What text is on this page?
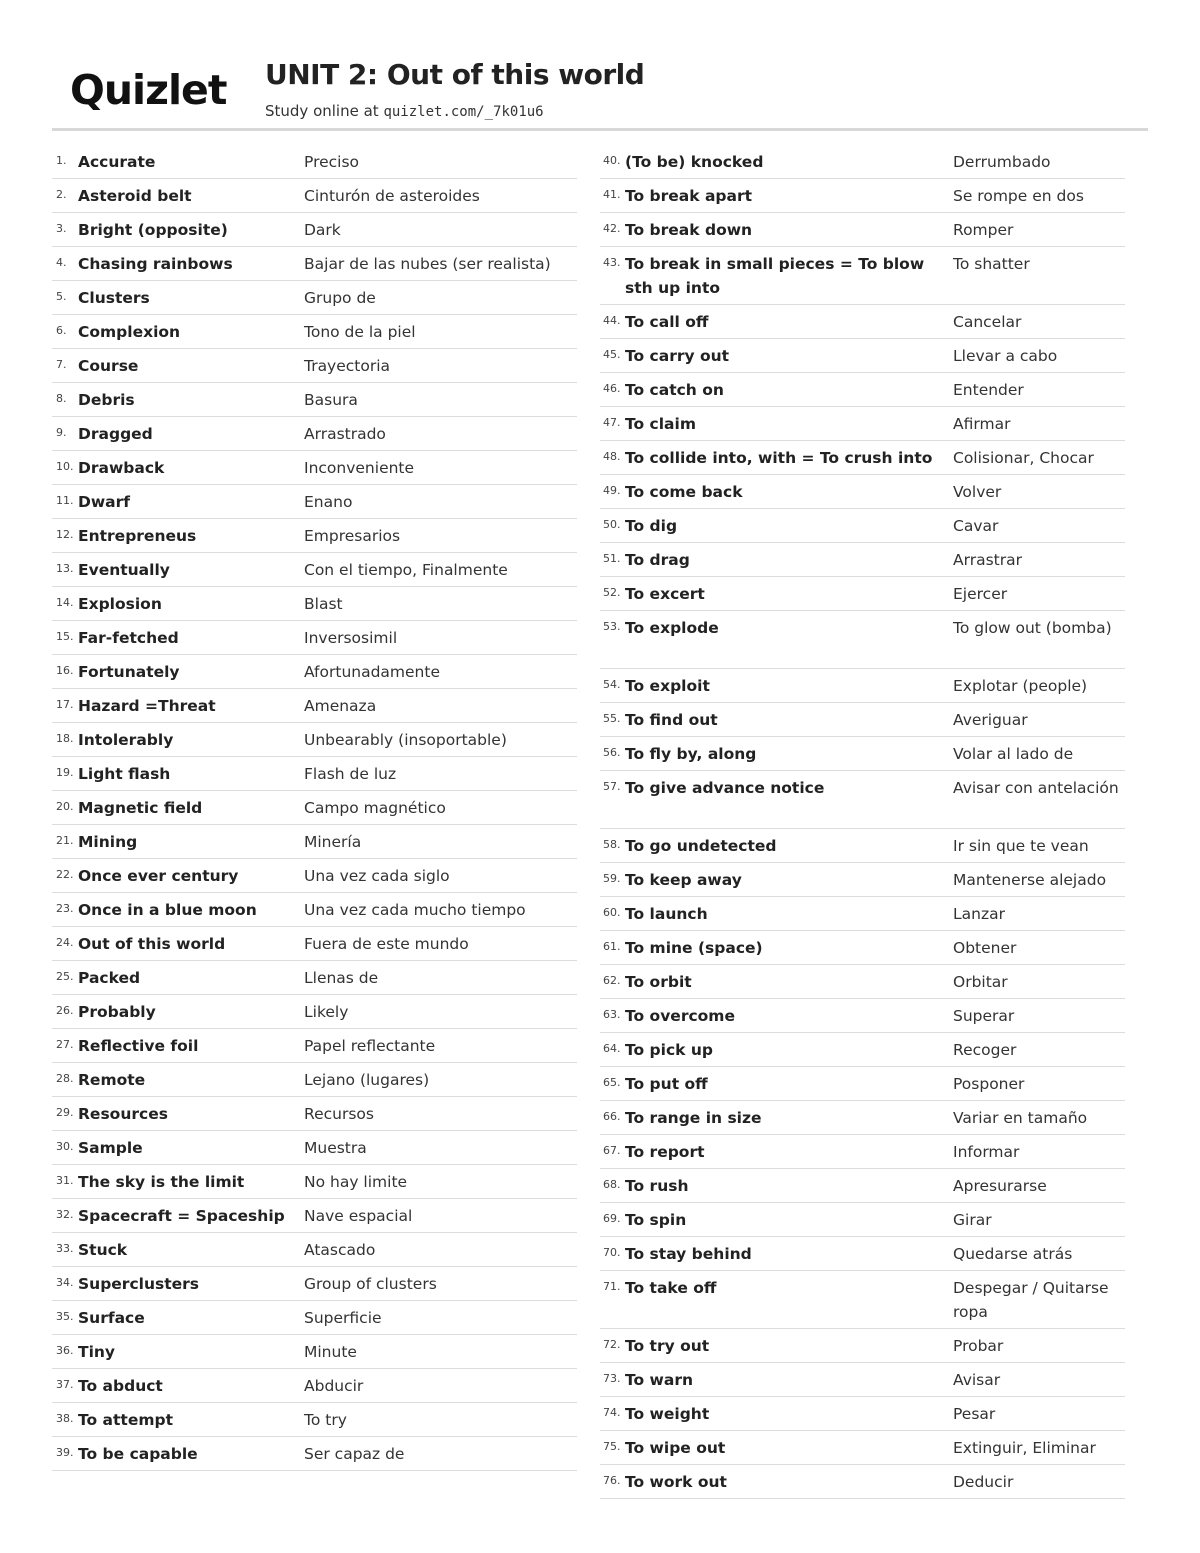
Quizlet UNIT 2: Out of this world
Study online at quizlet.com/_7k01u6
1. Accurate	Preciso
2. Asteroid belt	Cinturón de asteroides
3. Bright (opposite)	Dark
4. Chasing rainbows	Bajar de las nubes (ser realista)
5. Clusters	Grupo de
6. Complexion	Tono de la piel
7. Course	Trayectoria
8. Debris	Basura
9. Dragged	Arrastrado
10. Drawback	Inconveniente
11. Dwarf	Enano
12. Entrepreneus	Empresarios
13. Eventually	Con el tiempo, Finalmente
14. Explosion	Blast
15. Far-fetched	Inversosimil
16. Fortunately	Afortunadamente
17. Hazard =Threat	Amenaza
18. Intolerably	Unbearably (insoportable)
19. Light flash	Flash de luz
20. Magnetic field	Campo magnético
21. Mining	Minería
22. Once ever century	Una vez cada siglo
23. Once in a blue moon	Una vez cada mucho tiempo
24. Out of this world	Fuera de este mundo
25. Packed	Llenas de
26. Probably	Likely
27. Reflective foil	Papel reflectante
28. Remote	Lejano (lugares)
29. Resources	Recursos
30. Sample	Muestra
31. The sky is the limit	No hay limite
32. Spacecraft = Spaceship	Nave espacial
33. Stuck	Atascado
34. Superclusters	Group of clusters
35. Surface	Superficie
36. Tiny	Minute
37. To abduct	Abducir
38. To attempt	To try
39. To be capable	Ser capaz de
40. (To be) knocked	Derrumbado
41. To break apart	Se rompe en dos
42. To break down	Romper
43. To break in small pieces = To blow sth up into
To shatter
44. To call off	Cancelar
45. To carry out	Llevar a cabo
46. To catch on	Entender
47. To claim	Afirmar
48. To collide into, with = To crush into	Colisionar, Chocar
49. To come back	Volver
50. To dig	Cavar
51. To drag	Arrastrar
52. To excert	Ejercer
53. To explode	To glow out (bomba)
54. To exploit	Explotar (people)
55. To find out	Averiguar
56. To fly by, along	Volar al lado de
57. To give advance notice	Avisar con antelación
58. To go undetected	Ir sin que te vean
59. To keep away	Mantenerse alejado
60. To launch	Lanzar
61. To mine (space)	Obtener
62. To orbit	Orbitar
63. To overcome	Superar
64. To pick up	Recoger
65. To put off	Posponer
66. To range in size	Variar en tamaño
67. To report	Informar
68. To rush	Apresurarse
69. To spin	Girar
70. To stay behind	Quedarse atrás
71. To take off	Despegar / Quitarse ropa
72. To try out	Probar
73. To warn	Avisar
74. To weight	Pesar
75. To wipe out	Extinguir, Eliminar
76. To work out	Deducir
